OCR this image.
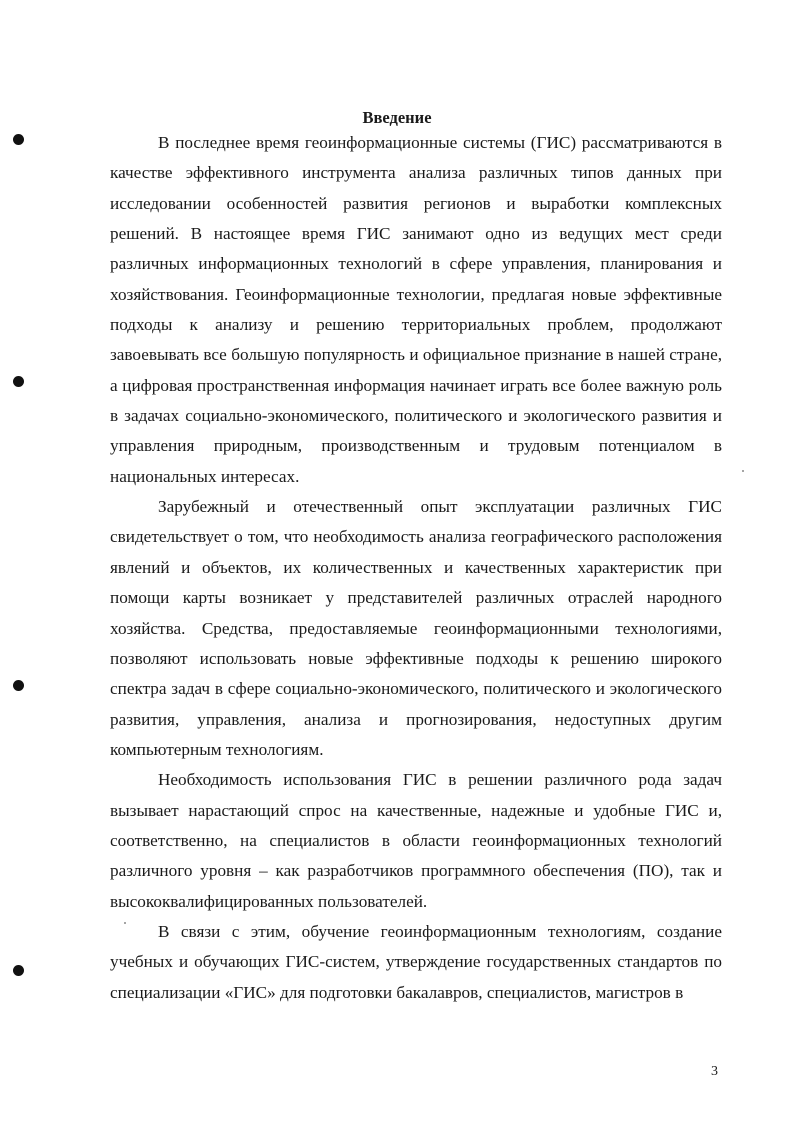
Введение

В последнее время геоинформационные системы (ГИС) рассматриваются в качестве эффективного инструмента анализа различных типов данных при исследовании особенностей развития регионов и выработки комплексных решений. В настоящее время ГИС занимают одно из ведущих мест среди различных информационных технологий в сфере управления, планирования и хозяйствования. Геоинформационные технологии, предлагая новые эффективные подходы к анализу и решению территориальных проблем, продолжают завоевывать все большую популярность и официальное признание в нашей стране, а цифровая пространственная информация начинает играть все более важную роль в задачах социально-экономического, политического и экологического развития и управления природным, производственным и трудовым потенциалом в национальных интересах.

Зарубежный и отечественный опыт эксплуатации различных ГИС свидетельствует о том, что необходимость анализа географического расположения явлений и объектов, их количественных и качественных характеристик при помощи карты возникает у представителей различных отраслей народного хозяйства. Средства, предоставляемые геоинформационными технологиями, позволяют использовать новые эффективные подходы к решению широкого спектра задач в сфере социально-экономического, политического и экологического развития, управления, анализа и прогнозирования, недоступных другим компьютерным технологиям.

Необходимость использования ГИС в решении различного рода задач вызывает нарастающий спрос на качественные, надежные и удобные ГИС и, соответственно, на специалистов в области геоинформационных технологий различного уровня – как разработчиков программного обеспечения (ПО), так и высококвалифицированных пользователей.

В связи с этим, обучение геоинформационным технологиям, создание учебных и обучающих ГИС-систем, утверждение государственных стандартов по специализации «ГИС» для подготовки бакалавров, специалистов, магистров в

3
